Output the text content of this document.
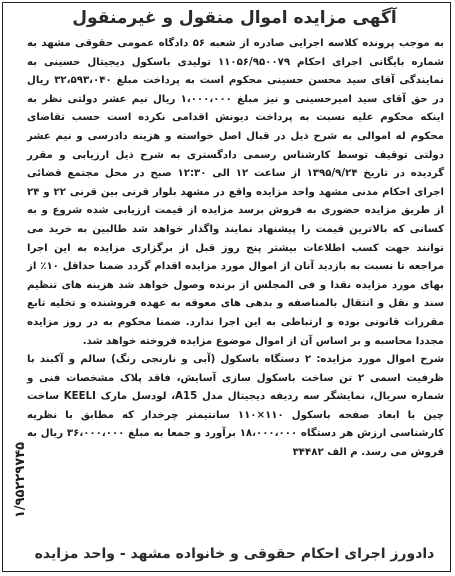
آگهی مزایده اموال منقول و غیرمنقول

به موجب پرونده کلاسه اجرایی صادره از شعبه ۵۶ دادگاه عمومی حقوقی مشهد به شماره بایگانی اجرای احکام ۱۱۰۵۶/۹۵۰۰۷۹ تولیدی باسکول دیجیتال حسینی به نمایندگی آقای سید محسن حسینی محکوم است به پرداخت مبلغ ۳۲،۵۹۳،۰۴۰ ریال در حق آقای سید امیرحسینی و نیز مبلغ ۱،۰۰۰،۰۰۰ ریال نیم عشر دولتی نظر به اینکه محکوم علیه نسبت به پرداخت دیونش اقدامی نکرده است حسب تقاضای محکوم له اموالی به شرح ذیل در قبال اصل خواسته و هزینه دادرسی و نیم عشر دولتی توقیف توسط کارشناس رسمی دادگستری به شرح ذیل ارزیابی و مقرر گردیده در تاریخ ۱۳۹۵/۹/۲۴ از ساعت ۱۲ الی ۱۲:۳۰ صبح در محل مجتمع قضائی اجرای احکام مدنی مشهد واحد مزایده واقع در مشهد بلوار قرنی بین قرنی ۲۲ و ۲۴ از طریق مزایده حضوری به فروش برسد مزایده از قیمت ارزیابی شده شروع و به کسانی که بالاترین قیمت را پیشنهاد نمایند واگذار خواهد شد طالبین به خرید می توانند جهت کسب اطلاعات بیشتر پنج روز قبل از برگزاری مزایده به این اجرا مراجعه تا نسبت به بازدید آنان از اموال مورد مزایده اقدام گردد ضمنا حداقل ۱۰٪ از بهای مورد مزایده نقدا و فی المجلس از برنده وصول خواهد شد هزینه های تنظیم سند و نقل و انتقال بالمناصفه و بدهی های معوقه به عهده فروشنده و تخلیه تابع مقررات قانونی بوده و ارتباطی به این اجرا ندارد. ضمنا محکوم به در روز مزایده مجددا محاسبه و بر اساس آن از اموال موضوع مزایده فروخته خواهد شد.

شرح اموال مورد مزایده: ۲ دستگاه باسکول (آبی و نارنجی رنگ) سالم و آکبند با ظرفیت اسمی ۲ تن ساخت باسکول سازی آسایش، فاقد پلاک مشخصات فنی و شماره سریال، نمایشگر سه ردیفه دیجیتال مدل A15، لودسل مارک KEELI ساخت چین با ابعاد صفحه باسکول ۱۱۰×۱۱۰ سانتیمتر چرخدار که مطابق با نظریه کارشناسی ارزش هر دستگاه ۱۸،۰۰۰،۰۰۰ برآورد و جمعا به مبلغ ۳۶،۰۰۰،۰۰۰ ریال به فروش می رسد. م الف ۳۴۴۸۲

دادورز اجرای احکام حقوقی و خانواده مشهد - واحد مزایده
۱/۹۵۲۲۹۷۴۵
